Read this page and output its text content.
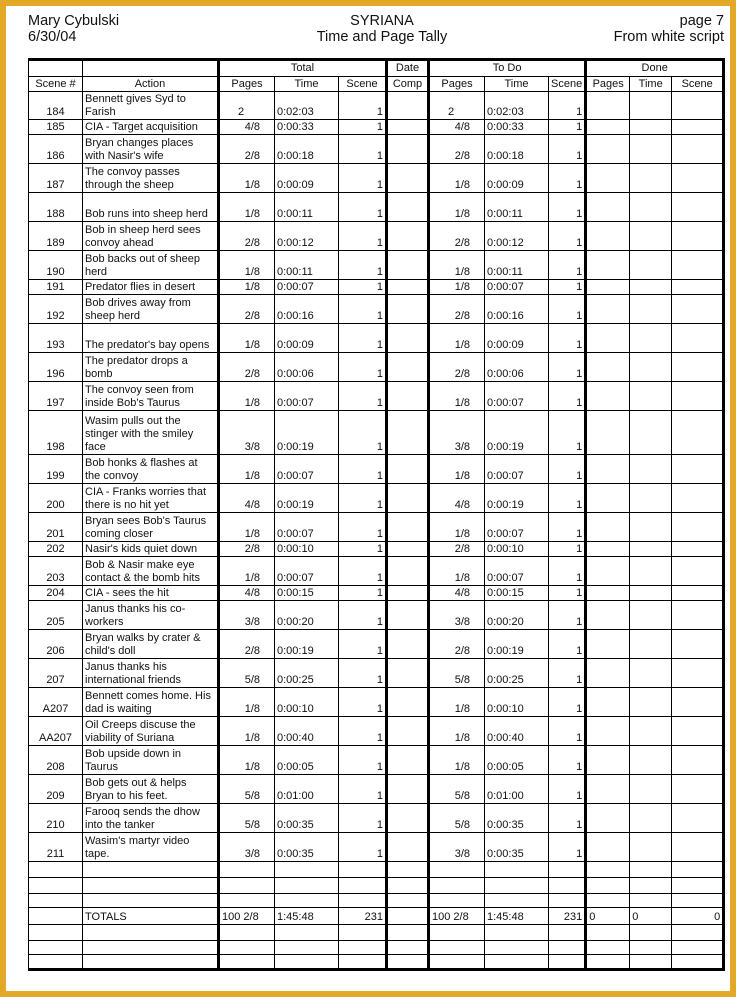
Mary Cybulski
6/30/04
SYRIANA
Time and Page Tally
page 7
From white script
		Total			Date	To Do			Done		
Scene #	Action	Pages	Time	Scene	Comp	Pages	Time	Scene	Pages	Time	Scene
184	Bennett gives Syd to Farish	2	0:02:03	1		2	0:02:03	1			
185	CIA - Target acquisition	4/8	0:00:33	1		4/8	0:00:33	1			
186	Bryan changes places with Nasir's wife	2/8	0:00:18	1		2/8	0:00:18	1			
187	The convoy passes through the sheep	1/8	0:00:09	1		1/8	0:00:09	1			
188	Bob runs into sheep herd	1/8	0:00:11	1		1/8	0:00:11	1			
189	Bob in sheep herd sees convoy ahead	2/8	0:00:12	1		2/8	0:00:12	1			
190	Bob backs out of sheep herd	1/8	0:00:11	1		1/8	0:00:11	1			
191	Predator flies in desert	1/8	0:00:07	1		1/8	0:00:07	1			
192	Bob drives away from sheep herd	2/8	0:00:16	1		2/8	0:00:16	1			
193	The predator's bay opens	1/8	0:00:09	1		1/8	0:00:09	1			
196	The predator drops a bomb	2/8	0:00:06	1		2/8	0:00:06	1			
197	The convoy seen from inside Bob's Taurus	1/8	0:00:07	1		1/8	0:00:07	1			
198	Wasim pulls out the stinger with the smiley face	3/8	0:00:19	1		3/8	0:00:19	1			
199	Bob honks & flashes at the convoy	1/8	0:00:07	1		1/8	0:00:07	1			
200	CIA - Franks worries that there is no hit yet	4/8	0:00:19	1		4/8	0:00:19	1			
201	Bryan sees Bob's Taurus coming closer	1/8	0:00:07	1		1/8	0:00:07	1			
202	Nasir's kids quiet down	2/8	0:00:10	1		2/8	0:00:10	1			
203	Bob & Nasir make eye contact & the bomb hits	1/8	0:00:07	1		1/8	0:00:07	1			
204	CIA - sees the hit	4/8	0:00:15	1		4/8	0:00:15	1			
205	Janus thanks his co-workers	3/8	0:00:20	1		3/8	0:00:20	1			
206	Bryan walks by crater & child's doll	2/8	0:00:19	1		2/8	0:00:19	1			
207	Janus thanks his international friends	5/8	0:00:25	1		5/8	0:00:25	1			
A207	Bennett comes home. His dad is waiting	1/8	0:00:10	1		1/8	0:00:10	1			
AA207	Oil Creeps discuse the viability of Suriana	1/8	0:00:40	1		1/8	0:00:40	1			
208	Bob upside down in Taurus	1/8	0:00:05	1		1/8	0:00:05	1			
209	Bob gets out & helps Bryan to his feet.	5/8	0:01:00	1		5/8	0:01:00	1			
210	Farooq sends the dhow into the tanker	5/8	0:00:35	1		5/8	0:00:35	1			
211	Wasim's martyr video tape.	3/8	0:00:35	1		3/8	0:00:35	1			

	TOTALS	100 2/8	1:45:48	231		100 2/8	1:45:48	231	0	0	0
